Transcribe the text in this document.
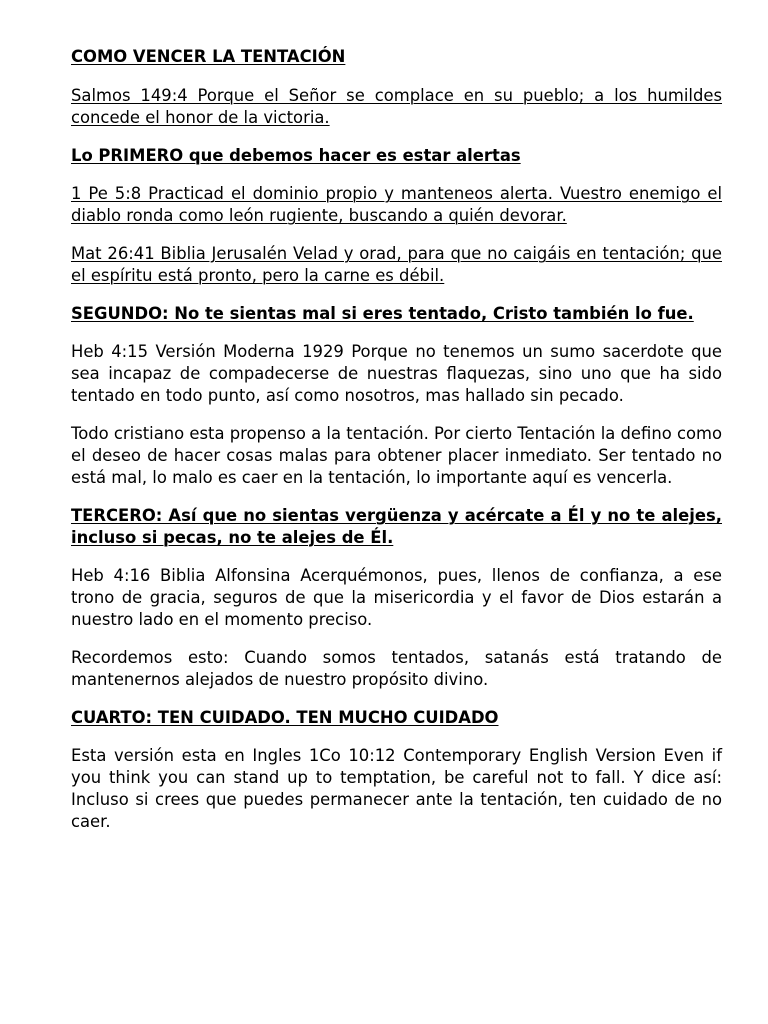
COMO VENCER LA TENTACIÓN
Salmos 149:4 Porque el Señor se complace en su pueblo; a los humildes concede el honor de la victoria.
Lo PRIMERO que debemos hacer es estar alertas
1 Pe 5:8 Practicad el dominio propio y manteneos alerta. Vuestro enemigo el diablo ronda como león rugiente, buscando a quién devorar.
Mat 26:41 Biblia Jerusalén Velad y orad, para que no caigáis en tentación; que el espíritu está pronto, pero la carne es débil.
SEGUNDO: No te sientas mal si eres tentado, Cristo también lo fue.
Heb 4:15 Versión Moderna 1929 Porque no tenemos un sumo sacerdote que sea incapaz de compadecerse de nuestras flaquezas, sino uno que ha sido tentado en todo punto, así como nosotros, mas hallado sin pecado.
Todo cristiano esta propenso a la tentación. Por cierto Tentación la defino como el deseo de hacer cosas malas para obtener placer inmediato. Ser tentado no está mal, lo malo es caer en la tentación, lo importante aquí es vencerla.
TERCERO: Así que no sientas vergüenza y acércate a Él y no te alejes, incluso si pecas, no te alejes de Él.
Heb 4:16 Biblia Alfonsina Acerquémonos, pues, llenos de confianza, a ese trono de gracia, seguros de que la misericordia y el favor de Dios estarán a nuestro lado en el momento preciso.
Recordemos esto: Cuando somos tentados, satanás está tratando de mantenernos alejados de nuestro propósito divino.
CUARTO: TEN CUIDADO. TEN MUCHO CUIDADO
Esta versión esta en Ingles 1Co 10:12 Contemporary English Version Even if you think you can stand up to temptation, be careful not to fall. Y dice así: Incluso si crees que puedes permanecer ante la tentación, ten cuidado de no caer.
